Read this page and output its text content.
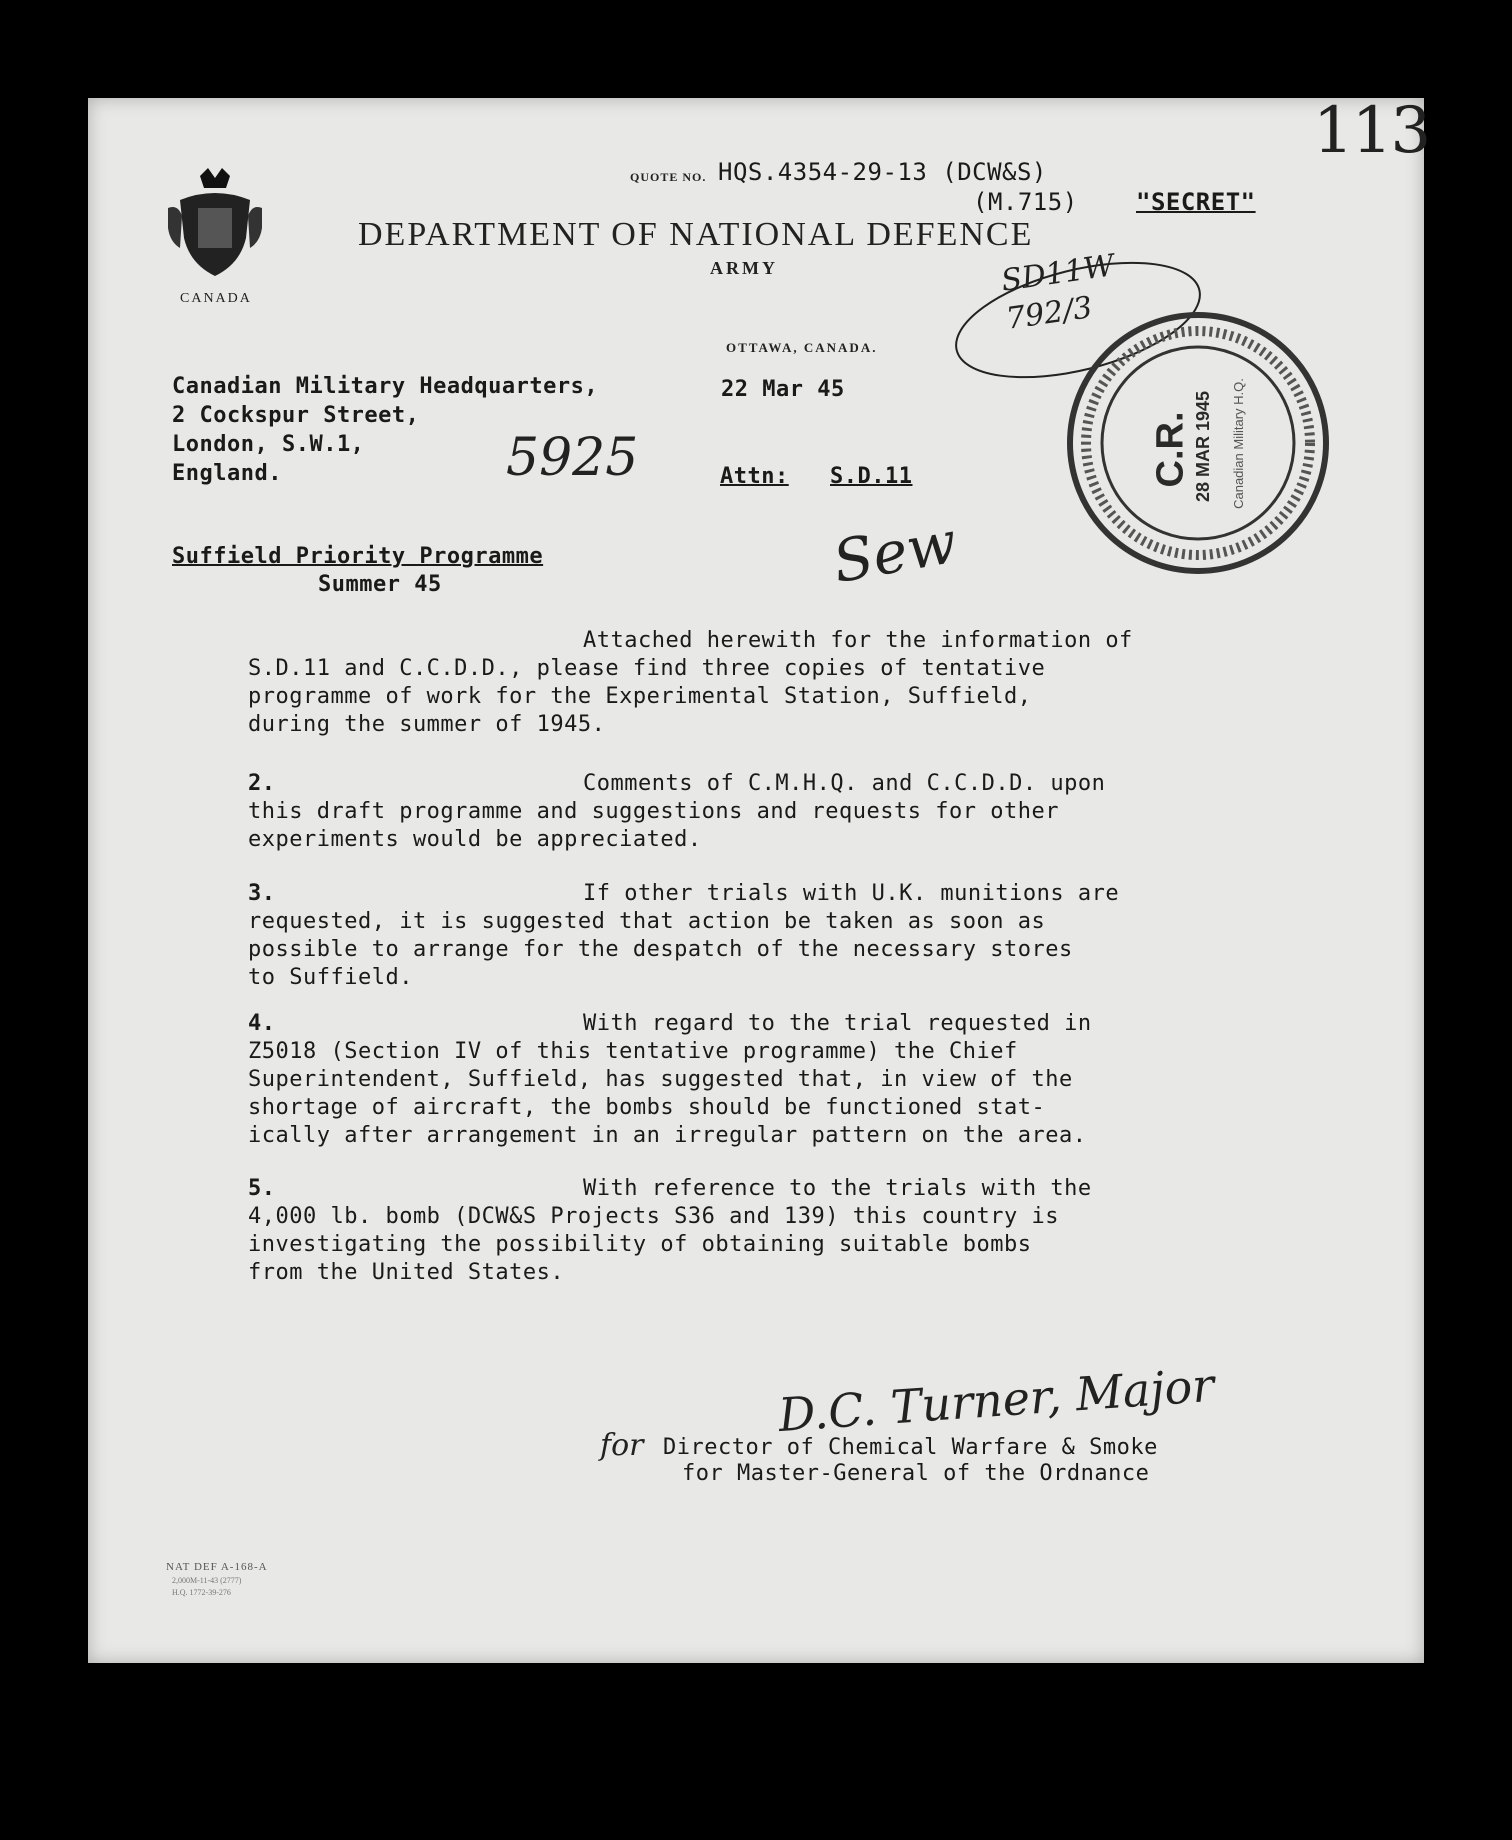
113
CANADA
QUOTE NO. HQS.4354-29-13 (DCW&S)
(M.715) "SECRET"
DEPARTMENT OF NATIONAL DEFENCE
ARMY	SD11W
792/3
OTTAWA, CANADA.
C.R. 28 MAR 1945 Canadian Military H.Q.
Canadian Military Headquarters,
2 Cockspur Street,
London, S.W.1,
England.
22 Mar 45
5925	Attn: S.D.11
Suffield Priority Programme
Summer 45	Sew
Attached herewith for the information of
S.D.11 and C.C.D.D., please find three copies of tentative
programme of work for the Experimental Station, Suffield,
during the summer of 1945.
2.	Comments of C.M.H.Q. and C.C.D.D. upon
this draft programme and suggestions and requests for other
experiments would be appreciated.
3.	If other trials with U.K. munitions are
requested, it is suggested that action be taken as soon as
possible to arrange for the despatch of the necessary stores
to Suffield.
4.	With regard to the trial requested in
Z5018 (Section IV of this tentative programme) the Chief
Superintendent, Suffield, has suggested that, in view of the
shortage of aircraft, the bombs should be functioned stat-
ically after arrangement in an irregular pattern on the area.
5.	With reference to the trials with the
4,000 lb. bomb (DCW&S Projects S36 and 139) this country is
investigating the possibility of obtaining suitable bombs
from the United States.
D.C. Turner, Major
for Director of Chemical Warfare & Smoke
for Master-General of the Ordnance
NAT DEF A-168-A
2,000M-11-43 (2777)
H.Q. 1772-39-276
